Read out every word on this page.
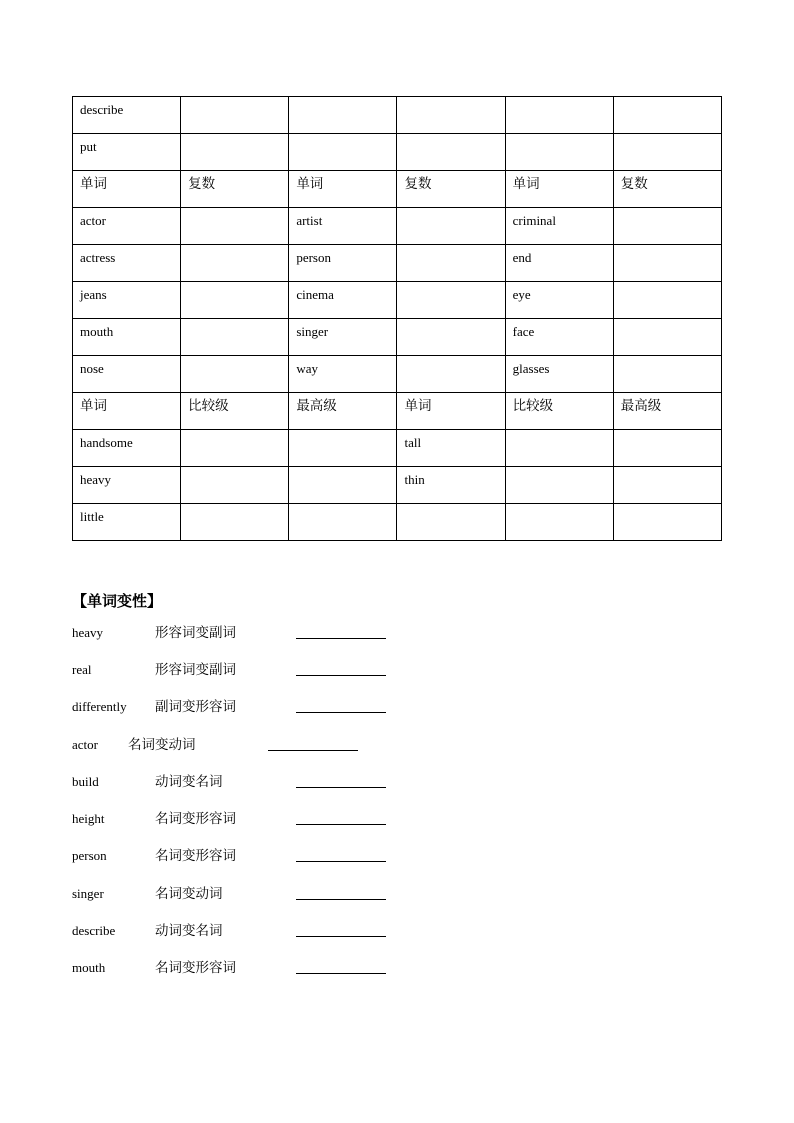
describe					
put					
单词	复数	单词	复数	单词	复数
actor		artist		criminal	
actress		person		end	
jeans		cinema		eye	
mouth		singer		face	
nose		way		glasses	
单词	比较级	最高级	单词	比较级	最高级
handsome			tall		
heavy			thin		
little					
【单词变性】
heavy	形容词变副词
real	形容词变副词
differently 副词变形容词
actor 名词变动词
build	动词变名词
height	名词变形容词
person	名词变形容词
singer	名词变动词
describe	动词变名词
mouth	名词变形容词
